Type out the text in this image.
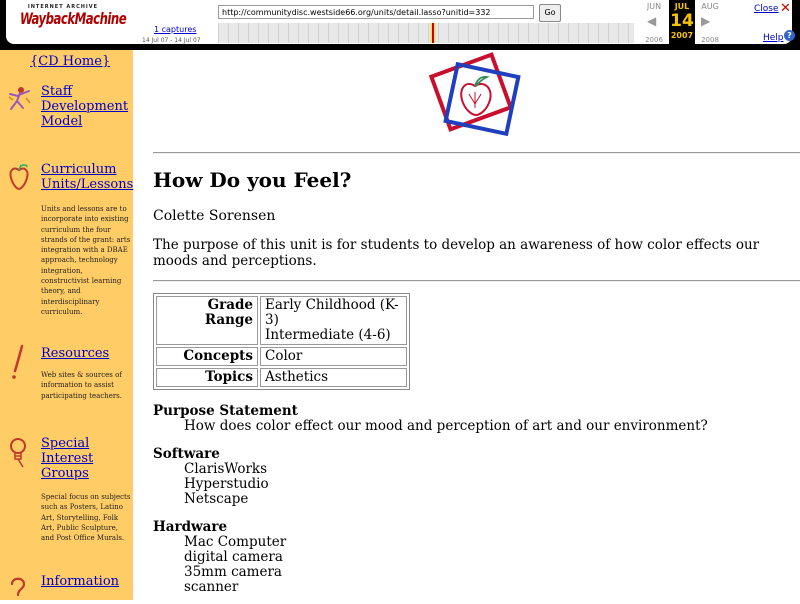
INTERNET ARCHIVE
WaybackMachine	http://communitydisc.westside66.org/units/detail.lasso?unitid=332	Go
1 captures
14 Jul 07 - 14 Jul 07
JUN	AUG
2006	2008
◀	▶
JUL
14
2007
Close ✕
Help ?
{CD Home}
Staff Development Model
Curriculum Units/Lessons
Units and lessons are to incorporate into existing curriculum the four strands of the grant: arts integration with a DBAE approach, technology integration, constructivist learning theory, and interdisciplinary curriculum.
Resources
Web sites & sources of information to assist participating teachers.
Special Interest Groups
Special focus on subjects such as Posters, Latino Art, Storytelling, Folk Art, Public Sculpture, and Post Office Murals.
Information
How Do you Feel?
Colette Sorensen
The purpose of this unit is for students to develop an awareness of how color effects our moods and perceptions.
Grade Range	Early Childhood (K-3)
Intermediate (4-6)

Concepts	Color

Topics	Asthetics
Purpose Statement
How does color effect our mood and perception of art and our environment?
Software
ClarisWorks
Hyperstudio
Netscape
Hardware
Mac Computer
digital camera
35mm camera
scanner
